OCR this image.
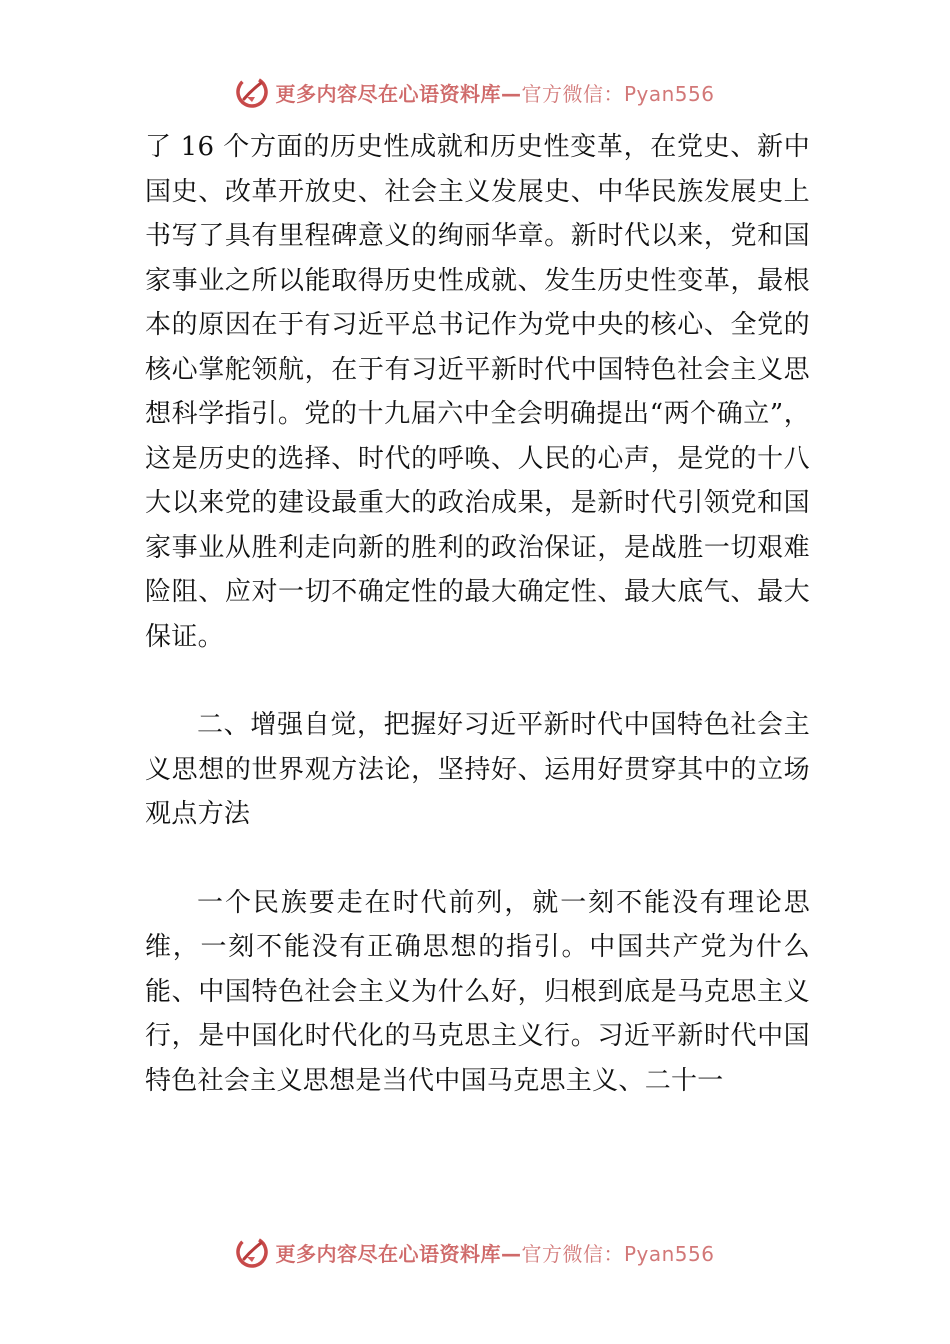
更多内容尽在心语资料库—官方微信：Pyan556

了 16 个方面的历史性成就和历史性变革，在党史、新中国史、改革开放史、社会主义发展史、中华民族发展史上书写了具有里程碑意义的绚丽华章。新时代以来，党和国家事业之所以能取得历史性成就、发生历史性变革，最根本的原因在于有习近平总书记作为党中央的核心、全党的核心掌舵领航，在于有习近平新时代中国特色社会主义思想科学指引。党的十九届六中全会明确提出“两个确立”，这是历史的选择、时代的呼唤、人民的心声，是党的十八大以来党的建设最重大的政治成果，是新时代引领党和国家事业从胜利走向新的胜利的政治保证，是战胜一切艰难险阻、应对一切不确定性的最大确定性、最大底气、最大保证。

二、增强自觉，把握好习近平新时代中国特色社会主义思想的世界观方法论，坚持好、运用好贯穿其中的立场观点方法

一个民族要走在时代前列，就一刻不能没有理论思维，一刻不能没有正确思想的指引。中国共产党为什么能、中国特色社会主义为什么好，归根到底是马克思主义行，是中国化时代化的马克思主义行。习近平新时代中国特色社会主义思想是当代中国马克思主义、二十一

更多内容尽在心语资料库—官方微信：Pyan556
